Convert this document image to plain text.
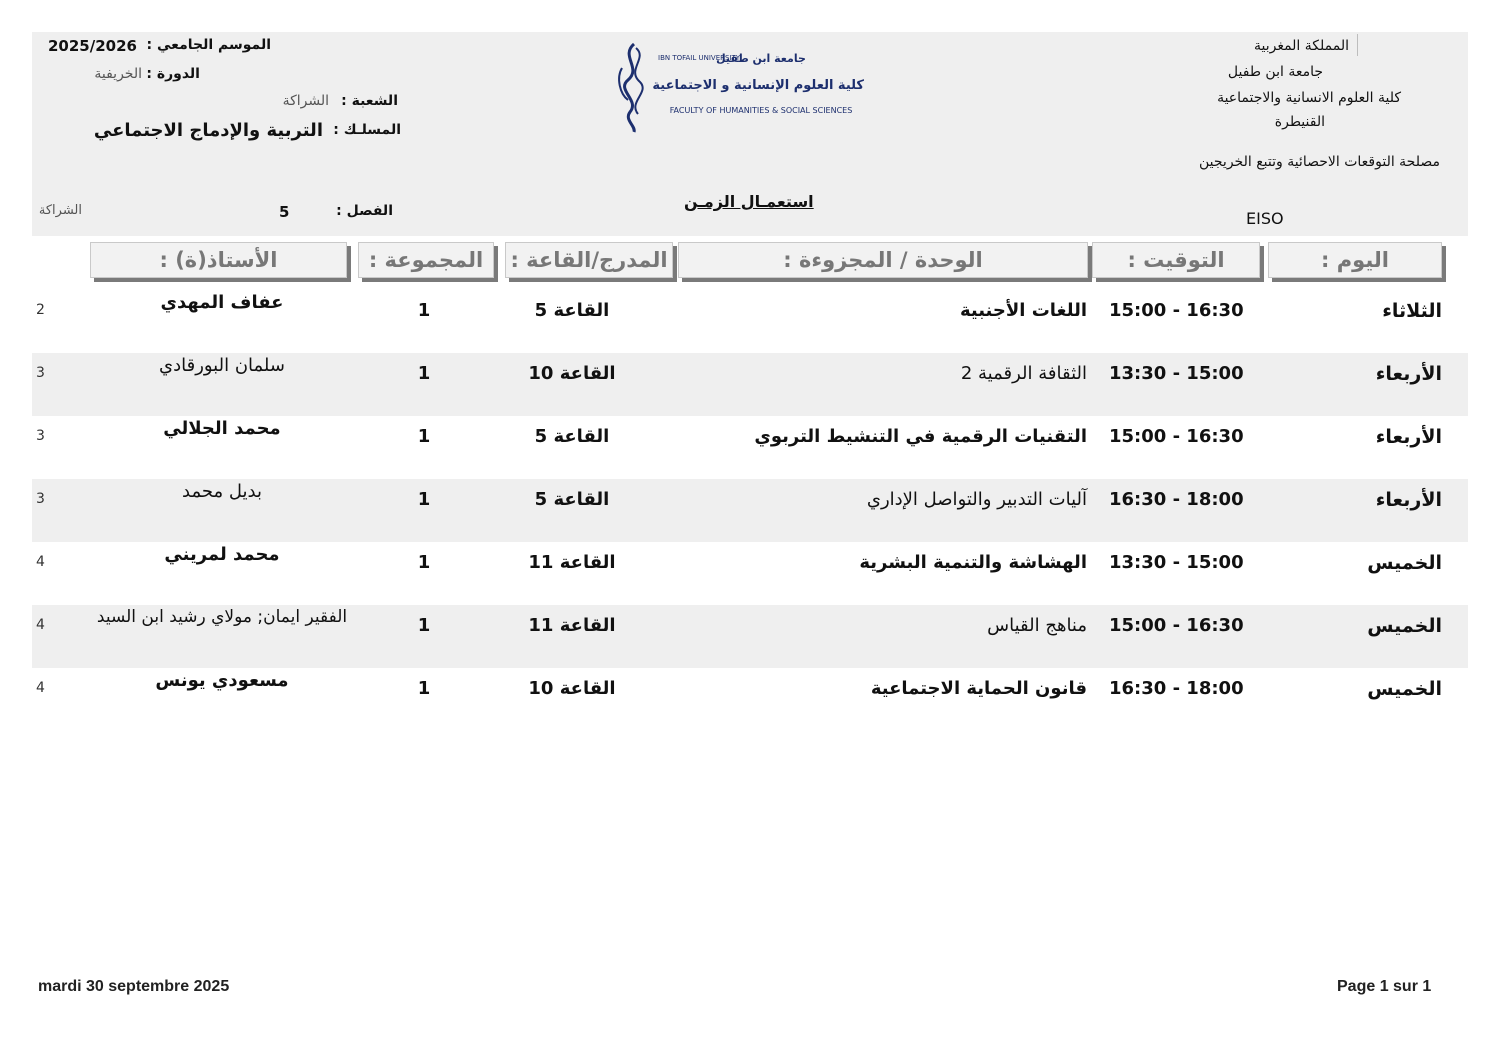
المملكة المغربية
جامعة ابن طفيل
كلية العلوم الانسانية والاجتماعية
القنيطرة
مصلحة التوقعات الاحصائية وتتبع الخريجين
EISO
جامعة ابن طفيل
IBN TOFAIL UNIVERSITY
كلية العلوم الإنسانية و الاجتماعية
FACULTY OF HUMANITIES & SOCIAL SCIENCES
الموسم الجامعي :
2025/2026
الدورة :
الخريفية
الشعبة :
الشراكة
المسلـك :
التربية والإدماج الاجتماعي
الفصل :
5
الشراكة	استعمـال الزمـن
اليوم :
التوقيت :
الوحدة / المجزوءة :
المدرج/القاعة :
المجموعة :
الأستاذ(ة) :
الثلاثاء
15:00 - 16:30
اللغات الأجنبية
القاعة 5
1
عفاف المهدي
2
الأربعاء
13:30 - 15:00
الثقافة الرقمية 2
القاعة 10
1
سلمان البورقادي
3
الأربعاء
15:00 - 16:30
التقنيات الرقمية في التنشيط التربوي
القاعة 5
1
محمد الجلالي
3
الأربعاء
16:30 - 18:00
آليات التدبير والتواصل الإداري
القاعة 5
1
بديل محمد
3
الخميس
13:30 - 15:00
الهشاشة والتنمية البشرية
القاعة 11
1
محمد لمريني
4
الخميس
15:00 - 16:30
مناهج القياس
القاعة 11
1
الفقير ايمان; مولاي رشيد ابن السيد
4
الخميس
16:30 - 18:00
قانون الحماية الاجتماعية
القاعة 10
1
مسعودي يونس
4
mardi 30 septembre 2025	Page 1 sur 1
